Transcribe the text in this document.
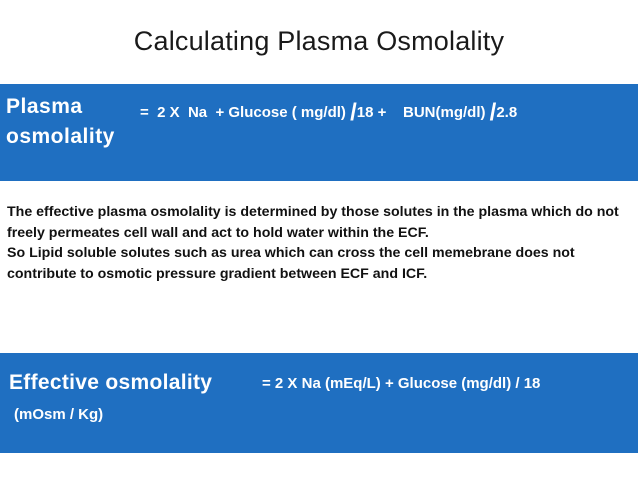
Calculating Plasma Osmolality
Plasma
osmolality
=  2 X  Na  + Glucose ( mg/dl) /18 +    BUN(mg/dl) /2.8

The effective plasma osmolality is determined by those solutes in the plasma which do not freely permeates cell wall and act to hold water within the ECF.

So Lipid soluble solutes such as urea which can cross the cell memebrane does not contribute to osmotic pressure gradient between ECF and ICF.

Effective osmolality	= 2 X Na (mEq/L) + Glucose (mg/dl) / 18
(mOsm / Kg)
